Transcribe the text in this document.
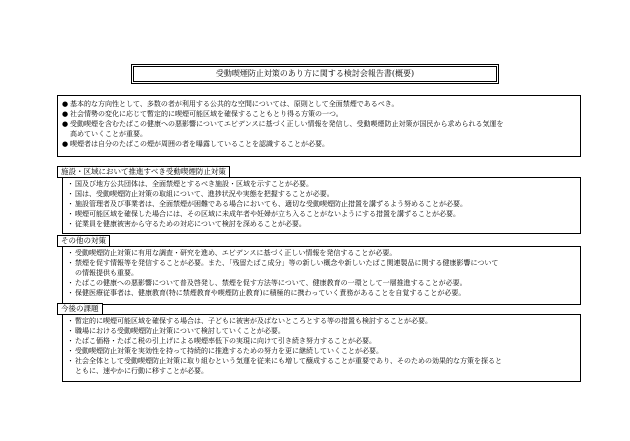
受動喫煙防止対策のあり方に関する検討会報告書(概要)
● 基本的な方向性として、多数の者が利用する公共的な空間については、原則として全面禁煙であるべき。
● 社会情勢の変化に応じて暫定的に喫煙可能区域を確保することもとり得る方策の一つ。
● 受動喫煙を含むたばこの健康への悪影響についてエビデンスに基づく正しい情報を発信し、受動喫煙防止対策が国民から求められる気運を
高めていくことが重要。
● 喫煙者は自分のたばこの煙が周囲の者を曝露していることを認識することが必要。
・ 国及び地方公共団体は、全面禁煙とするべき施設・区域を示すことが必要。
・ 国は、受動喫煙防止対策の取組について、進捗状況や実態を把握することが必要。
・ 施設管理者及び事業者は、全面禁煙が困難である場合においても、適切な受動喫煙防止措置を講ずるよう努めることが必要。
・ 喫煙可能区域を確保した場合には、その区域に未成年者や妊婦が立ち入ることがないようにする措置を講ずることが必要。
・ 従業員を健康被害から守るための対応について検討を深めることが必要。
施設・区域において推進すべき受動喫煙防止対策
・ 受動喫煙防止対策に有用な調査・研究を進め、エビデンスに基づく正しい情報を発信することが必要。
・ 禁煙を促す情報等を発信することが必要。また、「残留たばこ成分」等の新しい概念や新しいたばこ関連製品に関する健康影響について
の情報提供も重要。
・ たばこの健康への悪影響について普及啓発し、禁煙を促す方法等について、健康教育の一環として一層推進することが必要。
・ 保健医療従事者は、健康教育(特に禁煙教育や喫煙防止教育)に積極的に携わっていく責務があることを自覚することが必要。
その他の対策
・ 暫定的に喫煙可能区域を確保する場合は、子どもに被害が及ばないところとする等の措置も検討することが必要。
・ 職場における受動喫煙防止対策について検討していくことが必要。
・ たばこ価格・たばこ税の引上げによる喫煙率低下の実現に向けて引き続き努力することが必要。
・ 受動喫煙防止対策を実効性を持って持続的に推進するための努力を更に継続していくことが必要。
・ 社会全体として受動喫煙防止対策に取り組むという気運を従来にも増して醸成することが重要であり、そのための効果的な方策を探ると
ともに、速やかに行動に移すことが必要。
今後の課題
